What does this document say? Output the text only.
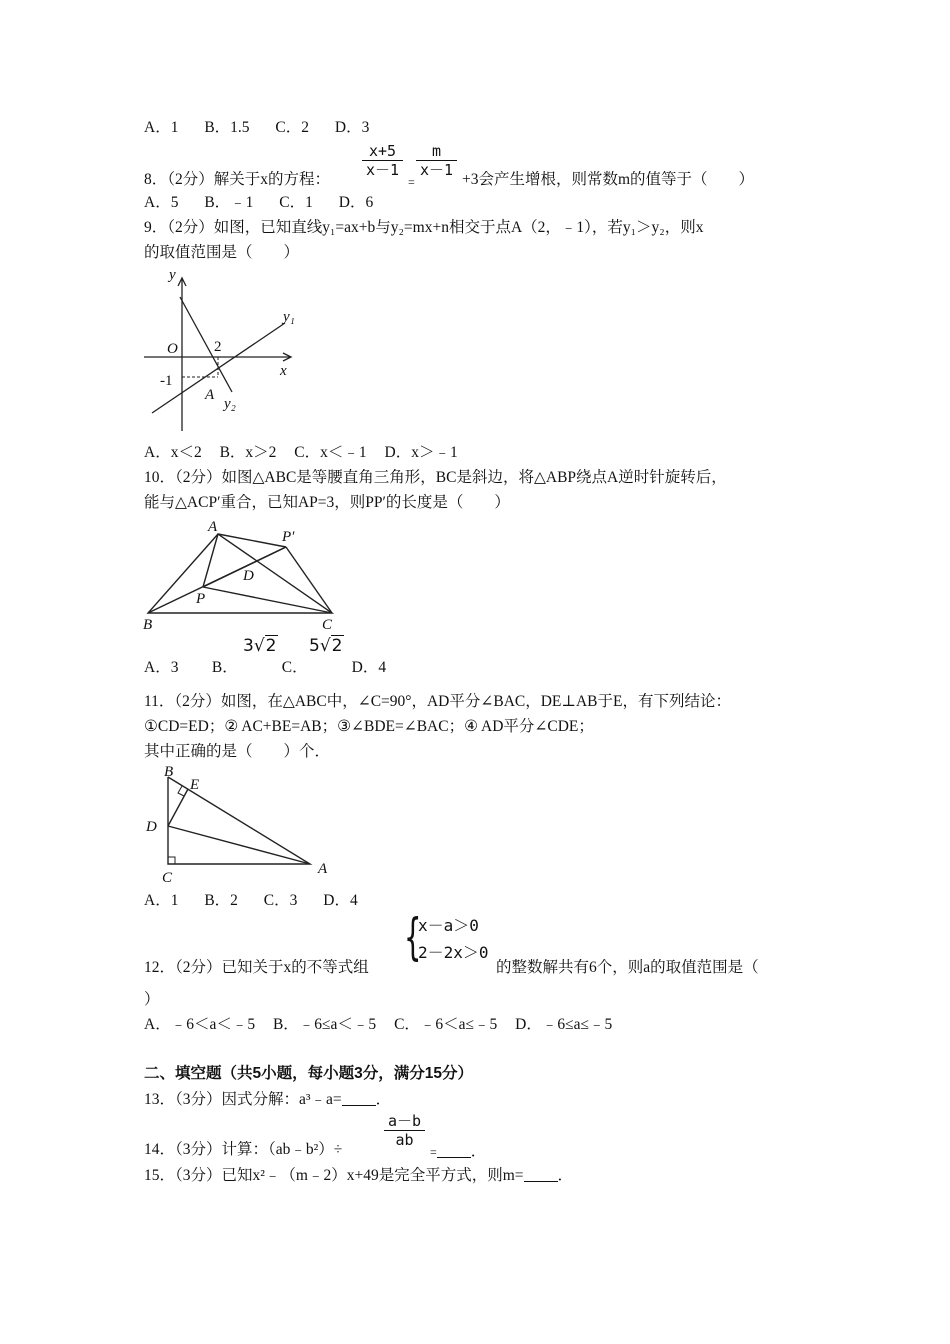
A．1 B．1.5 C．2 D．3
8．（2分）解关于x的方程：
$\frac{x+5}{x-1}$
=
$\frac{m}{x-1}$
+3会产生增根，则常数m的值等于（　　）
A．5 B．﹣1 C．1 D．6
9．（2分）如图，已知直线y₁=ax+b与y₂=mx+n相交于点A（2，﹣1），若y₁＞y₂，则x
的取值范围是（　　）
y
x
O 2
-1
A
y₁
y₂
A．x＜2 B．x＞2 C．x＜﹣1 D．x＞﹣1
10．（2分）如图△ABC是等腰直角三角形，BC是斜边，将△ABP绕点A逆时针旋转后，
能与△ACP′重合，已知AP=3，则PP′的长度是（　　）
A
P′
D
P
B	C
A．3 B．	C．	D．4
3√2 5√2
11．（2分）如图，在△ABC中，∠C=90°，AD平分∠BAC，DE⊥AB于E，有下列结论：
①CD=ED；② AC+BE=AB；③∠BDE=∠BAC；④ AD平分∠CDE；
其中正确的是（　　）个．
B
E
D
C
A
A．1 B．2 C．3 D．4
{
x－a＞0
2－2x＞0
12．（2分）已知关于x的不等式组	的整数解共有6个，则a的取值范围是（
）
A．﹣6＜a＜﹣5 B．﹣6≤a＜﹣5 C．﹣6＜a≤﹣5 D．﹣6≤a≤﹣5
二、填空题（共5小题，每小题3分，满分15分）
13．（3分）因式分解：a³﹣a= ．
14．（3分）计算：（ab﹣b²）÷
$\frac{a-b}{ab}$
= ．
15．（3分）已知x²﹣（m﹣2）x+49是完全平方式，则m= ．
